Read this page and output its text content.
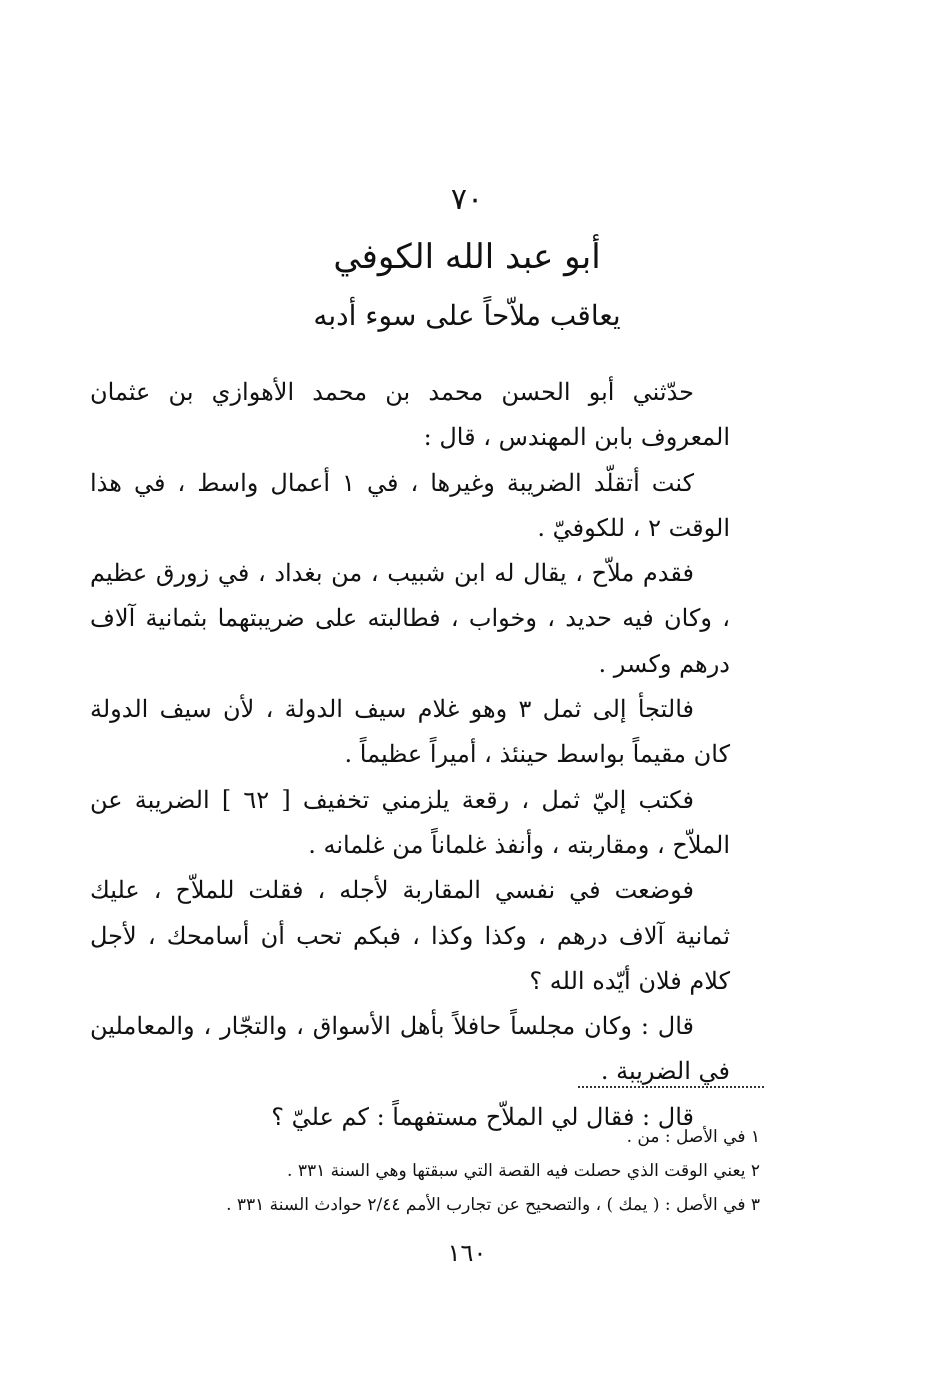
٧٠
أبو عبد الله الكوفي
يعاقب ملاّحاً على سوء أدبه

حدّثني أبو الحسن محمد بن محمد الأهوازي بن عثمان المعروف بابن المهندس ، قال :

كنت أتقلّد الضريبة وغيرها ، في ١ أعمال واسط ، في هذا الوقت ٢ ، للكوفيّ .

فقدم ملاّح ، يقال له ابن شبيب ، من بغداد ، في زورق عظيم ، وكان فيه حديد ، وخواب ، فطالبته على ضريبتهما بثمانية آلاف درهم وكسر .

فالتجأ إلى ثمل ٣ وهو غلام سيف الدولة ، لأن سيف الدولة كان مقيماً بواسط حينئذ ، أميراً عظيماً .

فكتب إليّ ثمل ، رقعة يلزمني تخفيف [ ٦٢ ] الضريبة عن الملاّح ، ومقاربته ، وأنفذ غلماناً من غلمانه .

فوضعت في نفسي المقاربة لأجله ، فقلت للملاّح ، عليك ثمانية آلاف درهم ، وكذا وكذا ، فبكم تحب أن أسامحك ، لأجل كلام فلان أيّده الله ؟

قال : وكان مجلساً حافلاً بأهل الأسواق ، والتجّار ، والمعاملين في الضريبة .

قال : فقال لي الملاّح مستفهماً : كم عليّ ؟

١ في الأصل : من .
٢ يعني الوقت الذي حصلت فيه القصة التي سبقتها وهي السنة ٣٣١ .
٣ في الأصل : ( يمك ) ، والتصحيح عن تجارب الأمم ٢/٤٤ حوادث السنة ٣٣١ .
١٦٠
